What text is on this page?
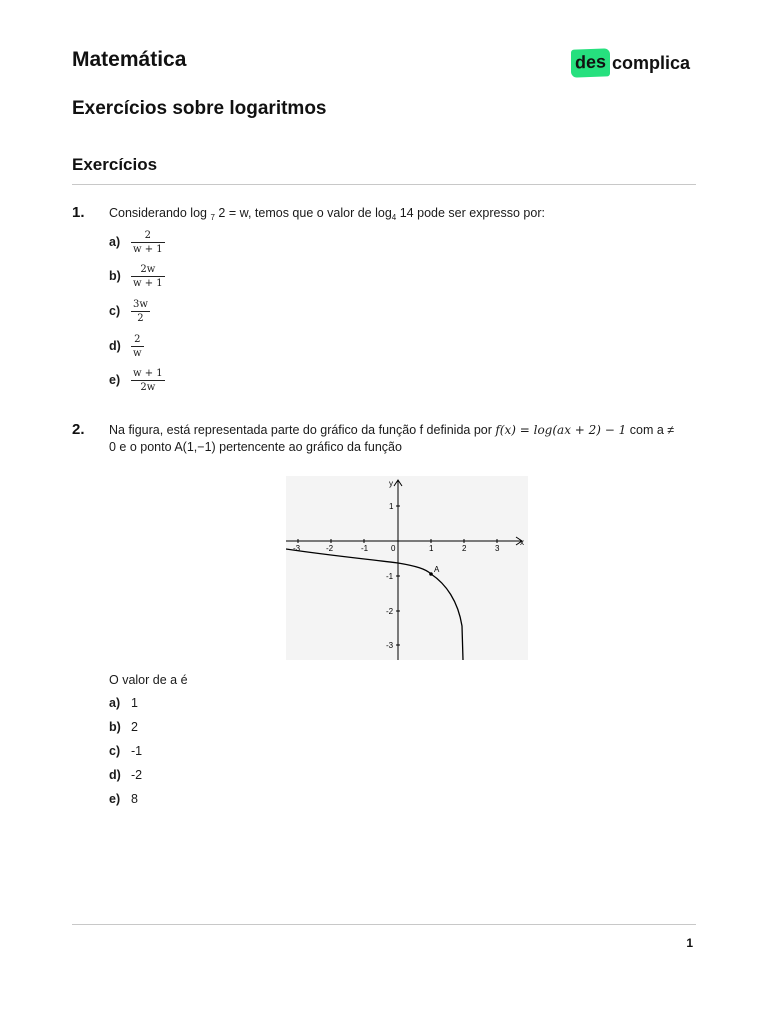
Matemática	des complica
Exercícios sobre logaritmos
Exercícios
1. Considerando log $_7$ 2 = w, temos que o valor de $\log_4 14$ pode ser expresso por:
a)	$\frac{2}{w + 1}$
b)	$\frac{2w}{w + 1}$
c)	$\frac{3w}{2}$
d)	$\frac{2}{w}$
e)	$\frac{w + 1}{2w}$
2. Na figura, está representada parte do gráfico da função f definida por f(x) = log(ax + 2) − 1 com a ≠
0 e o ponto A(1,−1) pertencente ao gráfico da função
x
y
-3	-2	-1	0	1	2	3
1
-1
-2
-3
A
O valor de a é
a) 1
b) 2
c) -1
d) -2
e) 8
1
